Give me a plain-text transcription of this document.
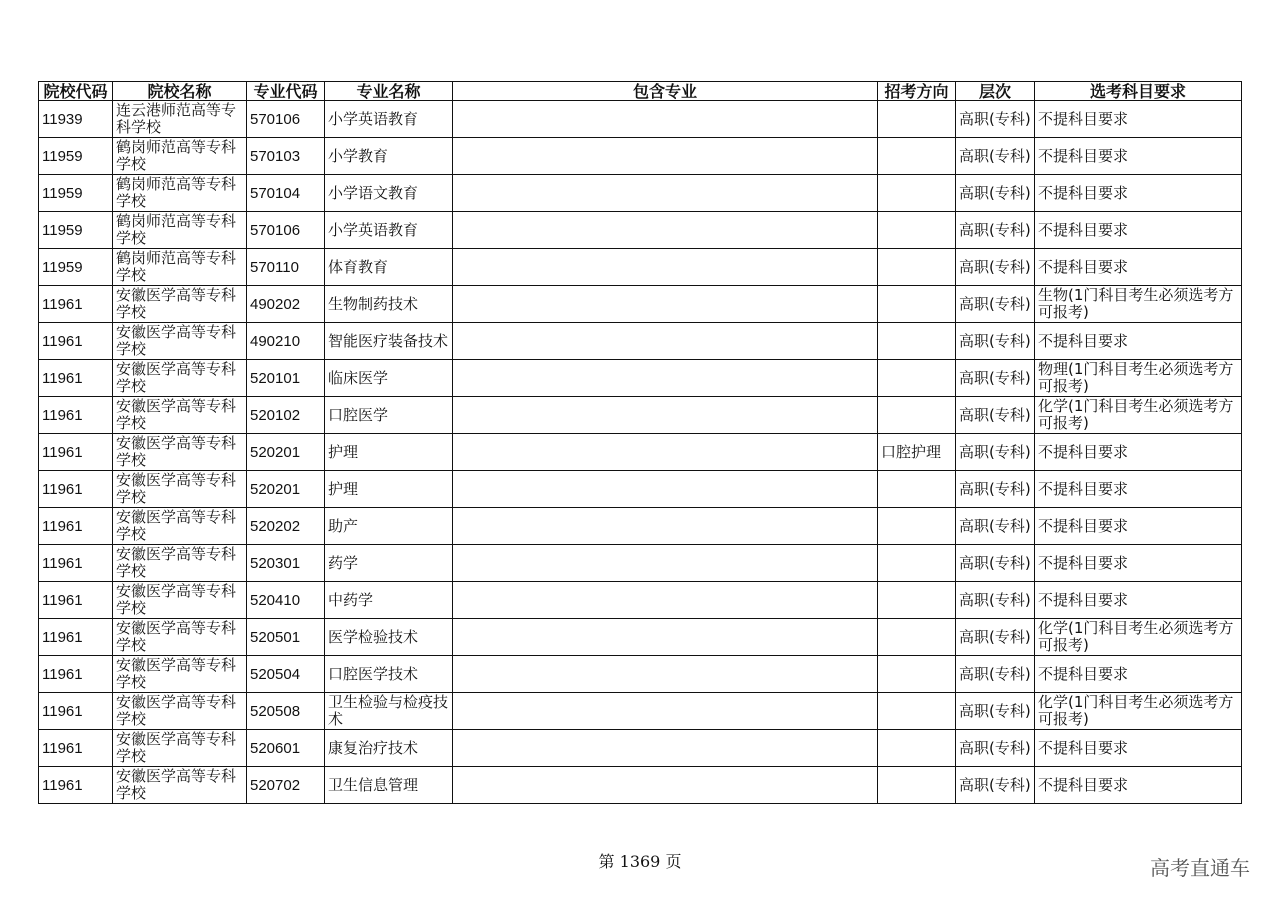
院校代码	院校名称	专业代码	专业名称	包含专业	招考方向	层次	选考科目要求
11939	连云港师范高等专科学校	570106	小学英语教育			高职(专科)	不提科目要求
11959	鹤岗师范高等专科学校	570103	小学教育			高职(专科)	不提科目要求
11959	鹤岗师范高等专科学校	570104	小学语文教育			高职(专科)	不提科目要求
11959	鹤岗师范高等专科学校	570106	小学英语教育			高职(专科)	不提科目要求
11959	鹤岗师范高等专科学校	570110	体育教育			高职(专科)	不提科目要求
11961	安徽医学高等专科学校	490202	生物制药技术			高职(专科)	生物(1门科目考生必须选考方可报考)
11961	安徽医学高等专科学校	490210	智能医疗装备技术			高职(专科)	不提科目要求
11961	安徽医学高等专科学校	520101	临床医学			高职(专科)	物理(1门科目考生必须选考方可报考)
11961	安徽医学高等专科学校	520102	口腔医学			高职(专科)	化学(1门科目考生必须选考方可报考)
11961	安徽医学高等专科学校	520201	护理		口腔护理	高职(专科)	不提科目要求
11961	安徽医学高等专科学校	520201	护理			高职(专科)	不提科目要求
11961	安徽医学高等专科学校	520202	助产			高职(专科)	不提科目要求
11961	安徽医学高等专科学校	520301	药学			高职(专科)	不提科目要求
11961	安徽医学高等专科学校	520410	中药学			高职(专科)	不提科目要求
11961	安徽医学高等专科学校	520501	医学检验技术			高职(专科)	化学(1门科目考生必须选考方可报考)
11961	安徽医学高等专科学校	520504	口腔医学技术			高职(专科)	不提科目要求
11961	安徽医学高等专科学校	520508	卫生检验与检疫技术			高职(专科)	化学(1门科目考生必须选考方可报考)
11961	安徽医学高等专科学校	520601	康复治疗技术			高职(专科)	不提科目要求
11961	安徽医学高等专科学校	520702	卫生信息管理			高职(专科)	不提科目要求
第 1369 页	高考直通车
